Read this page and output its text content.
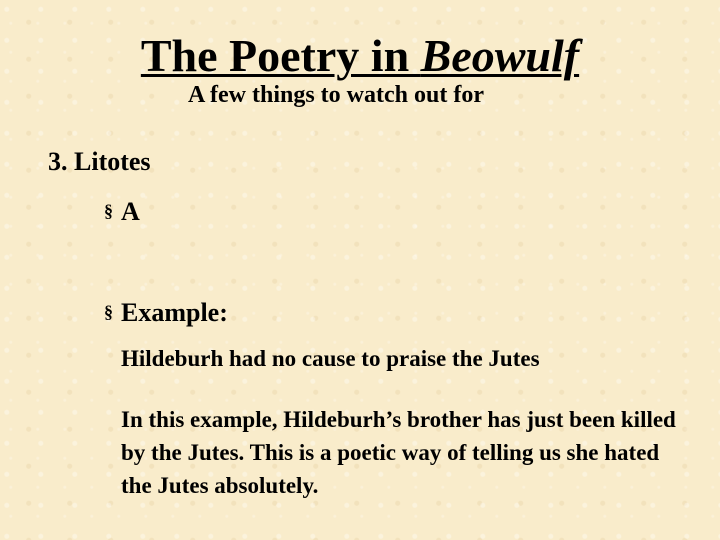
The Poetry in Beowulf
A few things to watch out for
3. Litotes
§ A
§ Example:
Hildeburh had no cause to praise the Jutes
In this example, Hildeburh’s brother has just been killed by the Jutes. This is a poetic way of telling us she hated the Jutes absolutely.
